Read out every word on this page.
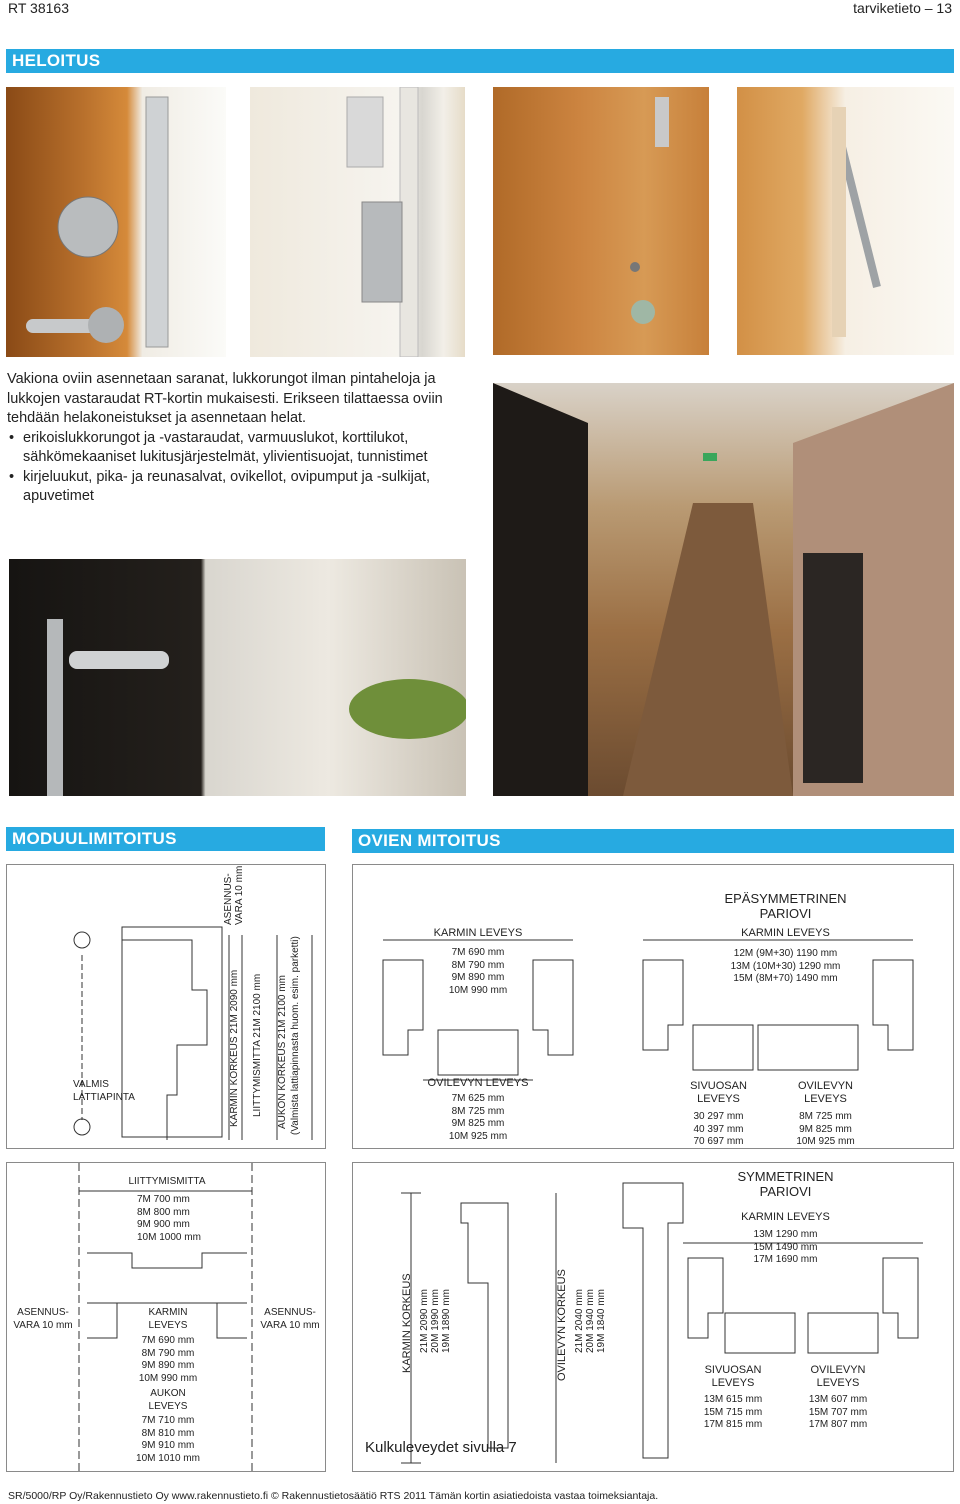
RT 38163	tarviketieto – 13
HELOITUS
Vakiona oviin asennetaan saranat, lukkorungot ilman pintaheloja ja lukkojen vastaraudat RT-kortin mukaisesti. Erikseen tilattaessa oviin tehdään helakoneistukset ja asennetaan helat.
• erikoislukkorungot ja -vastaraudat, varmuuslukot, korttilukot, sähkömekaaniset lukitusjärjestelmät, ylivientisuojat, tunnistimet
• kirjeluukut, pika- ja reunasalvat, ovikellot, ovipumput ja -sulkijat, apuvetimet
MODUULIMITOITUS	OVIEN MITOITUS
ASENNUS- VARA 10 mm
VALMIS
LATTIAPINTA	KARMIN KORKEUS 21M 2090 mm LIITTYMISMITTA 21M 2100 mm AUKON KORKEUS 21M 2100 mm (Valmista lattiapinnasta huom. esim. parketti)
KARMIN LEVEYS
7M 690 mm
8M 790 mm
9M 890 mm
10M 990 mm
OVILEVYN LEVEYS
7M 625 mm
8M 725 mm
9M 825 mm
10M 925 mm
EPÄSYMMETRINEN
PARIOVI
KARMIN LEVEYS
12M (9M+30) 1190 mm
13M (10M+30) 1290 mm
15M (8M+70) 1490 mm
SIVUOSAN
LEVEYS
30 297 mm
40 397 mm
70 697 mm
OVILEVYN
LEVEYS
8M 725 mm
9M 825 mm
10M 925 mm
LIITTYMISMITTA
7M 700 mm
8M 800 mm
9M 900 mm
10M 1000 mm
ASENNUS-
VARA 10 mm
ASENNUS-
VARA 10 mm
KARMIN
LEVEYS
7M 690 mm
8M 790 mm
9M 890 mm
10M 990 mm
AUKON
LEVEYS
7M 710 mm
8M 810 mm
9M 910 mm
10M 1010 mm
KARMIN KORKEUS 21M 2090 mm 20M 1990 mm 19M 1890 mm	OVILEVYN KORKEUS 21M 2040 mm 20M 1940 mm 19M 1840 mm
Kulkuleveydet sivulla 7
SYMMETRINEN
PARIOVI
KARMIN LEVEYS
13M 1290 mm
15M 1490 mm
17M 1690 mm
SIVUOSAN
LEVEYS
13M 615 mm
15M 715 mm
17M 815 mm
OVILEVYN
LEVEYS
13M 607 mm
15M 707 mm
17M 807 mm
SR/5000/RP Oy/Rakennustieto Oy www.rakennustieto.fi © Rakennustietosäätiö RTS 2011 Tämän kortin asiatiedoista vastaa toimeksiantaja.
